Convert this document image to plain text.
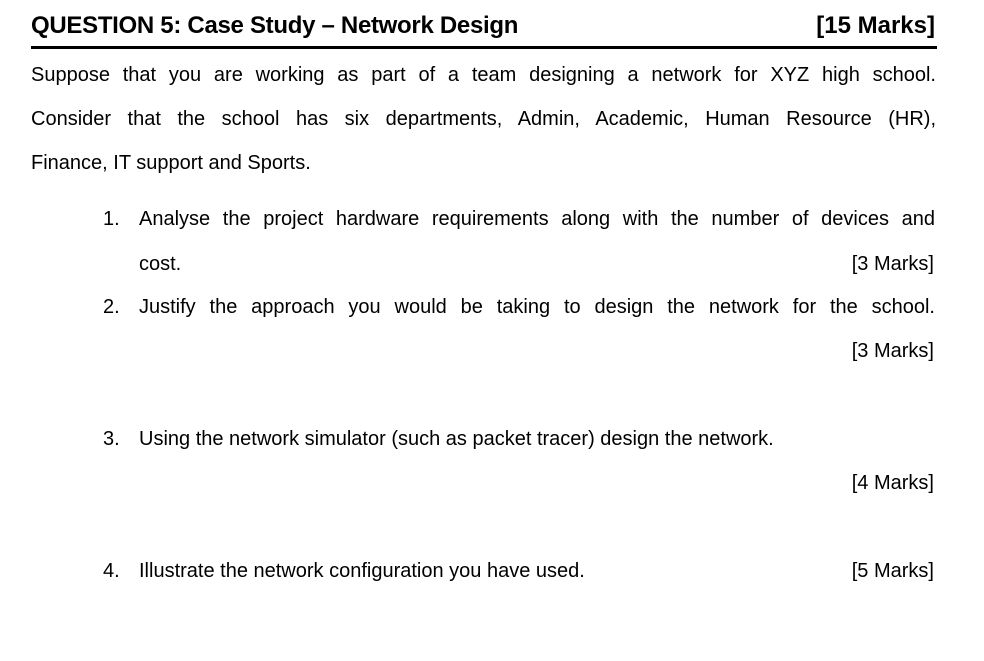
QUESTION 5: Case Study – Network Design	[15 Marks]
Suppose that you are working as part of a team designing a network for XYZ high school.
Consider that the school has six departments, Admin, Academic, Human Resource (HR),
Finance, IT support and Sports.
1. Analyse the project hardware requirements along with the number of devices and
cost.	[3 Marks]
2. Justify the approach you would be taking to design the network for the school.
[3 Marks]
3. Using the network simulator (such as packet tracer) design the network.
[4 Marks]
4. Illustrate the network configuration you have used.	[5 Marks]
